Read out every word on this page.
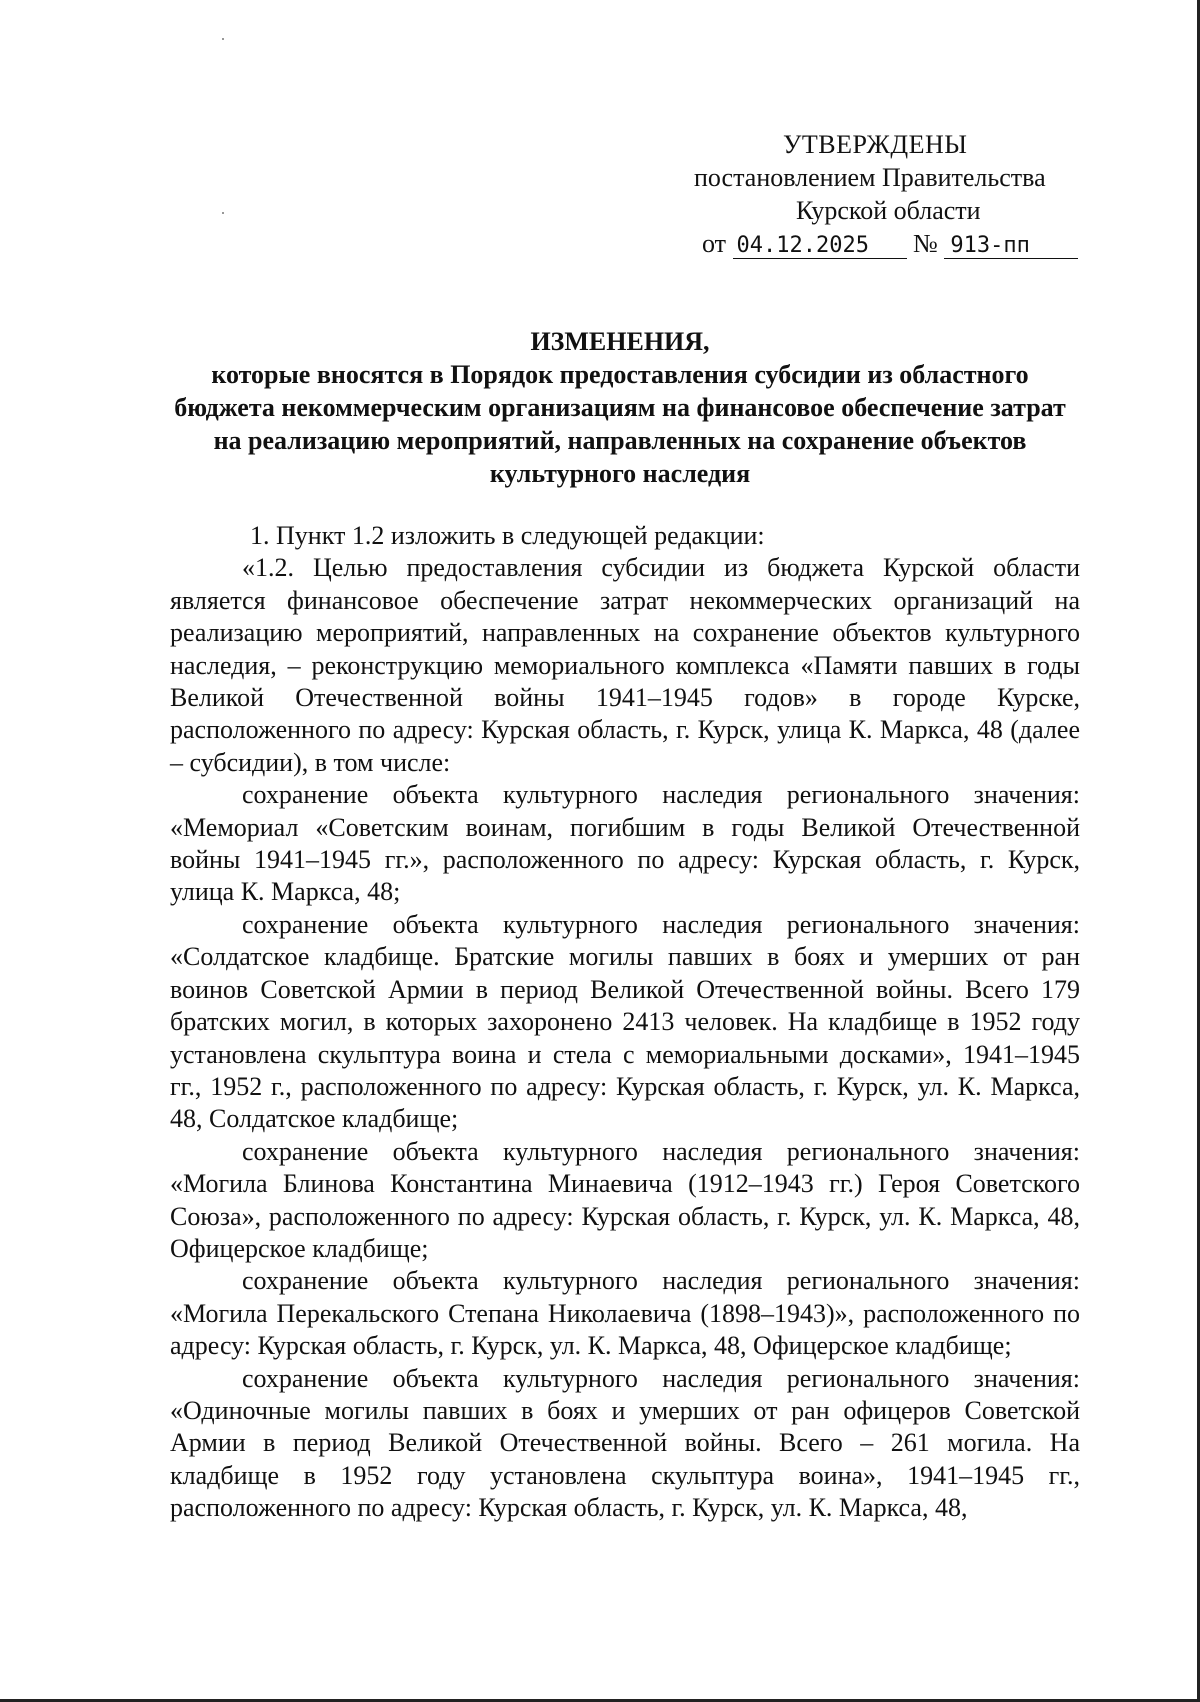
УТВЕРЖДЕНЫ
постановлением Правительства
Курской области
от 04.12.2025 № 913-пп
ИЗМЕНЕНИЯ,
которые вносятся в Порядок предоставления субсидии из областного бюджета некоммерческим организациям на финансовое обеспечение затрат на реализацию мероприятий, направленных на сохранение объектов культурного наследия

1. Пункт 1.2 изложить в следующей редакции:

«1.2. Целью предоставления субсидии из бюджета Курской области является финансовое обеспечение затрат некоммерческих организаций на реализацию мероприятий, направленных на сохранение объектов культурного наследия, – реконструкцию мемориального комплекса «Памяти павших в годы Великой Отечественной войны 1941–1945 годов» в городе Курске, расположенного по адресу: Курская область, г. Курск, улица К. Маркса, 48 (далее – субсидии), в том числе:

сохранение объекта культурного наследия регионального значения: «Мемориал «Советским воинам, погибшим в годы Великой Отечественной войны 1941–1945 гг.», расположенного по адресу: Курская область, г. Курск, улица К. Маркса, 48;

сохранение объекта культурного наследия регионального значения: «Солдатское кладбище. Братские могилы павших в боях и умерших от ран воинов Советской Армии в период Великой Отечественной войны. Всего 179 братских могил, в которых захоронено 2413 человек. На кладбище в 1952 году установлена скульптура воина и стела с мемориальными досками», 1941–1945 гг., 1952 г., расположенного по адресу: Курская область, г. Курск, ул. К. Маркса, 48, Солдатское кладбище;

сохранение объекта культурного наследия регионального значения: «Могила Блинова Константина Минаевича (1912–1943 гг.) Героя Советского Союза», расположенного по адресу: Курская область, г. Курск, ул. К. Маркса, 48, Офицерское кладбище;

сохранение объекта культурного наследия регионального значения: «Могила Перекальского Степана Николаевича (1898–1943)», расположенного по адресу: Курская область, г. Курск, ул. К. Маркса, 48, Офицерское кладбище;

сохранение объекта культурного наследия регионального значения: «Одиночные могилы павших в боях и умерших от ран офицеров Советской Армии в период Великой Отечественной войны. Всего – 261 могила. На кладбище в 1952 году установлена скульптура воина», 1941–1945 гг., расположенного по адресу: Курская область, г. Курск, ул. К. Маркса, 48,
